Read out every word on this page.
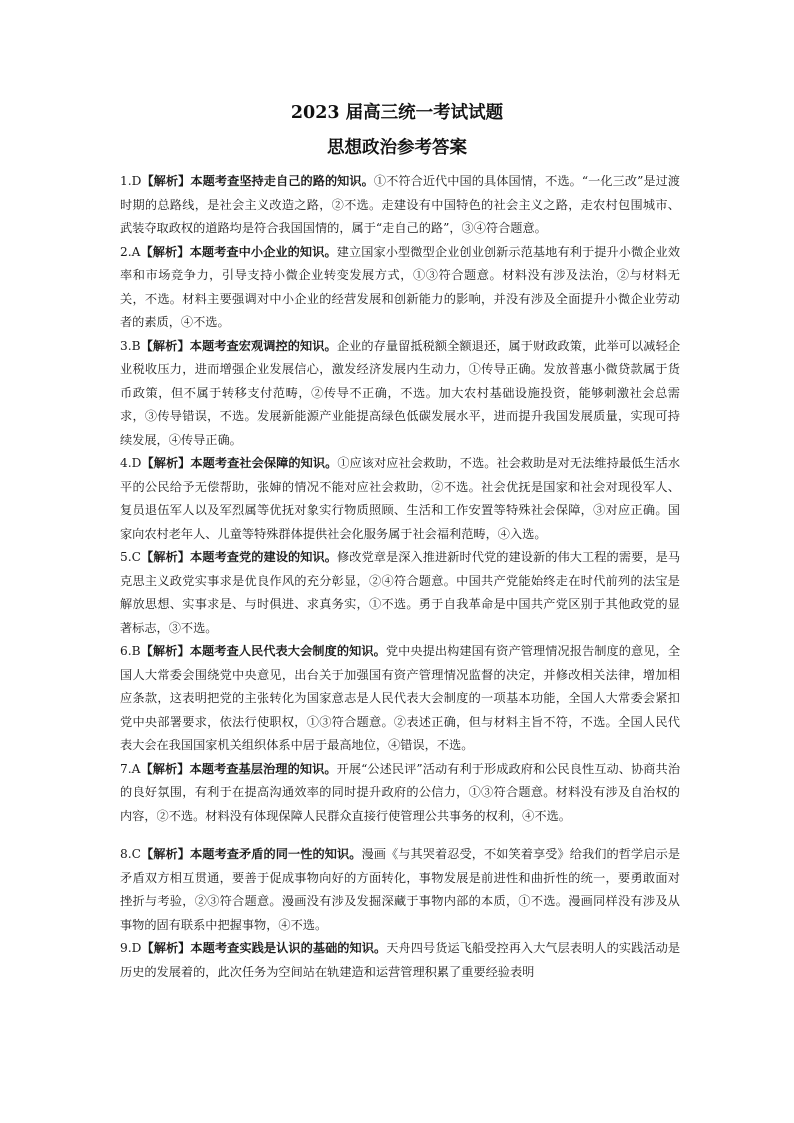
2023 届高三统一考试试题
思想政治参考答案

1.D【解析】本题考查坚持走自己的路的知识。①不符合近代中国的具体国情，不选。“一化三改”是过渡时期的总路线，是社会主义改造之路，②不选。走建设有中国特色的社会主义之路，走农村包围城市、武装夺取政权的道路均是符合我国国情的，属于“走自己的路”，③④符合题意。

2.A【解析】本题考查中小企业的知识。建立国家小型微型企业创业创新示范基地有利于提升小微企业效率和市场竞争力，引导支持小微企业转变发展方式，①③符合题意。材料没有涉及法治，②与材料无关，不选。材料主要强调对中小企业的经营发展和创新能力的影响，并没有涉及全面提升小微企业劳动者的素质，④不选。

3.B【解析】本题考查宏观调控的知识。企业的存量留抵税额全额退还，属于财政政策，此举可以减轻企业税收压力，进而增强企业发展信心，激发经济发展内生动力，①传导正确。发放普惠小微贷款属于货币政策，但不属于转移支付范畴，②传导不正确，不选。加大农村基础设施投资，能够刺激社会总需求，③传导错误，不选。发展新能源产业能提高绿色低碳发展水平，进而提升我国发展质量，实现可持续发展，④传导正确。

4.D【解析】本题考查社会保障的知识。①应该对应社会救助，不选。社会救助是对无法维持最低生活水平的公民给予无偿帮助，张婶的情况不能对应社会救助，②不选。社会优抚是国家和社会对现役军人、复员退伍军人以及军烈属等优抚对象实行物质照顾、生活和工作安置等特殊社会保障，③对应正确。国家向农村老年人、儿童等特殊群体提供社会化服务属于社会福利范畴，④入选。

5.C【解析】本题考查党的建设的知识。修改党章是深入推进新时代党的建设新的伟大工程的需要，是马克思主义政党实事求是优良作风的充分彰显，②④符合题意。中国共产党能始终走在时代前列的法宝是解放思想、实事求是、与时俱进、求真务实，①不选。勇于自我革命是中国共产党区别于其他政党的显著标志，③不选。

6.B【解析】本题考查人民代表大会制度的知识。党中央提出构建国有资产管理情况报告制度的意见，全国人大常委会围绕党中央意见，出台关于加强国有资产管理情况监督的决定，并修改相关法律，增加相应条款，这表明把党的主张转化为国家意志是人民代表大会制度的一项基本功能，全国人大常委会紧扣党中央部署要求，依法行使职权，①③符合题意。②表述正确，但与材料主旨不符，不选。全国人民代表大会在我国国家机关组织体系中居于最高地位，④错误，不选。

7.A【解析】本题考查基层治理的知识。开展“公述民评”活动有利于形成政府和公民良性互动、协商共治的良好氛围，有利于在提高沟通效率的同时提升政府的公信力，①③符合题意。材料没有涉及自治权的内容，②不选。材料没有体现保障人民群众直接行使管理公共事务的权利，④不选。

8.C【解析】本题考查矛盾的同一性的知识。漫画《与其哭着忍受，不如笑着享受》给我们的哲学启示是矛盾双方相互贯通，要善于促成事物向好的方面转化，事物发展是前进性和曲折性的统一，要勇敢面对挫折与考验，②③符合题意。漫画没有涉及发掘深藏于事物内部的本质，①不选。漫画同样没有涉及从事物的固有联系中把握事物，④不选。

9.D【解析】本题考查实践是认识的基础的知识。天舟四号货运飞船受控再入大气层表明人的实践活动是历史的发展着的，此次任务为空间站在轨建造和运营管理积累了重要经验表明
